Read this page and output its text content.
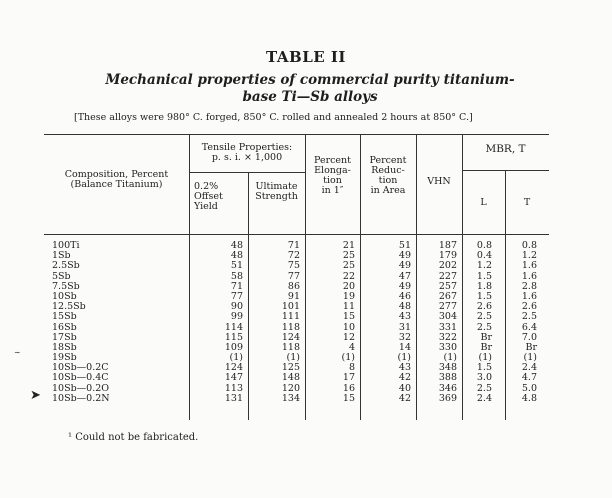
TABLE II
Mechanical properties of commercial purity titanium-
base Ti—Sb alloys
[These alloys were 980° C. forged, 850° C. rolled and annealed 2 hours at 850° C.]
Composition, Percent
(Balance Titanium)
Tensile Properties:
p. s. i. × 1,000
0.2%
Offset
Yield
Ultimate
Strength
Percent
Elonga-
tion
in 1″
Percent
Reduc-
tion
in Area
VHN
MBR, T
L	T
100Ti
1Sb
2.5Sb
5Sb
7.5Sb
10Sb
12.5Sb
15Sb
16Sb
17Sb
18Sb
19Sb
10Sb—0.2C
10Sb—0.4C
10Sb—0.2O
10Sb—0.2N
48
48
51
58
71
77
90
99
114
115
109
(1)
124
147
113
131
71
72
75
77
86
91
101
111
118
124
118
(1)
125
148
120
134
21
25
25
22
20
19
11
15
10
12
4
(1)
8
17
16
15
51
49
49
47
49
46
48
43
31
32
14
(1)
43
42
40
42
187
179
202
227
257
267
277
304
331
322
330
(1)
348
388
346
369
0.8
0.4
1.2
1.5
1.8
1.5
2.6
2.5
2.5
Br
Br
(1)
1.5
3.0
2.5
2.4
0.8
1.2
1.6
1.6
2.8
1.6
2.6
2.5
6.4
7.0
Br
(1)
2.4
4.7
5.0
4.8
¹ Could not be fabricated.
∼
➤
